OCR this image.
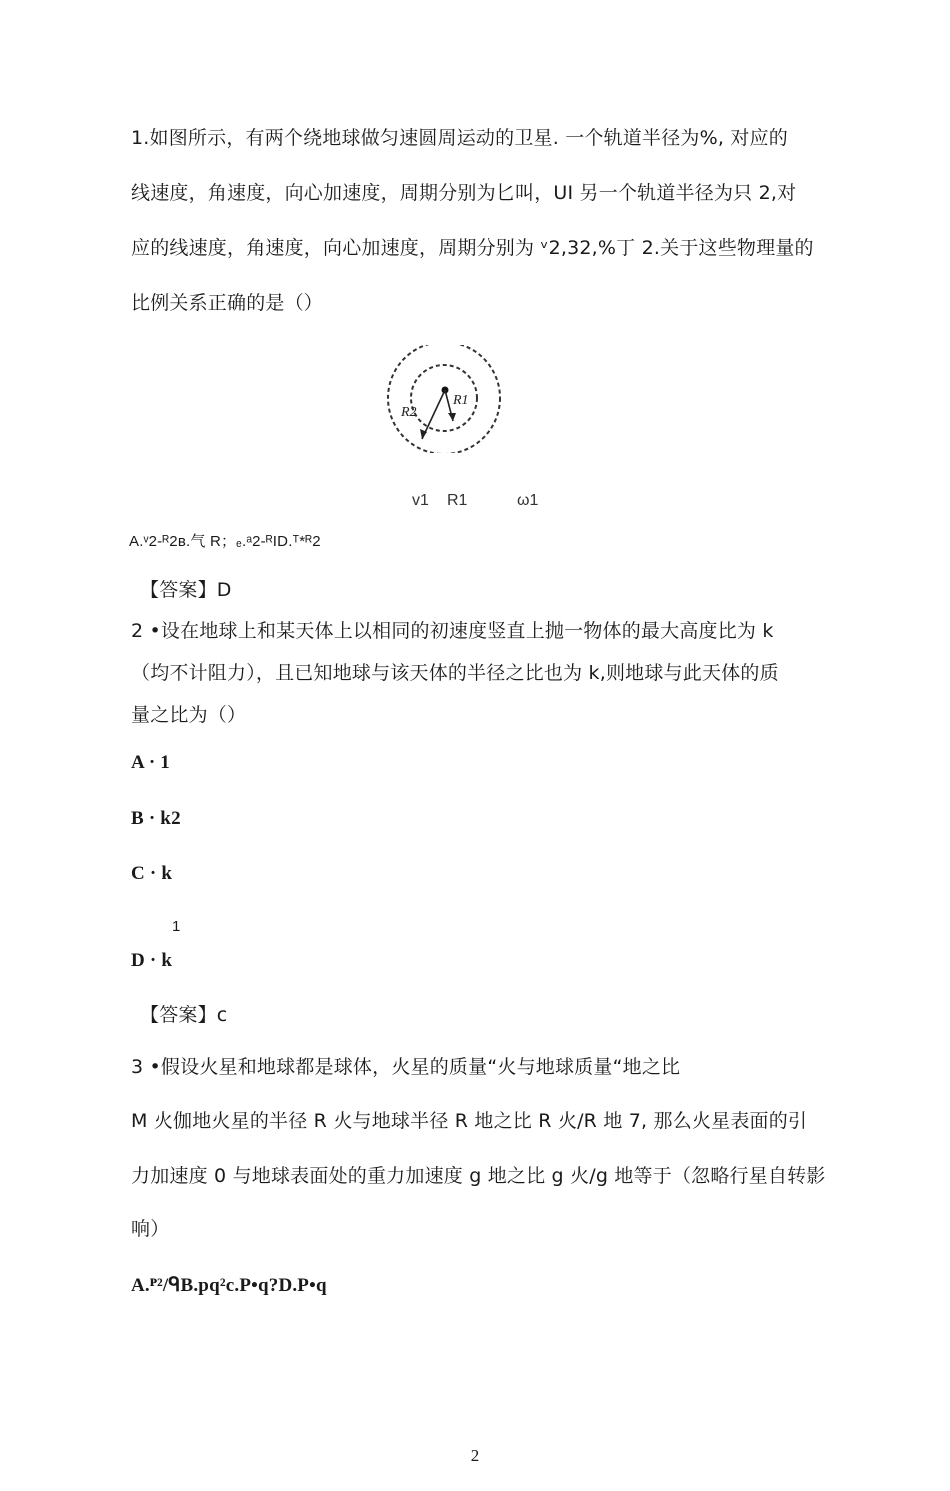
1.如图所示，有两个绕地球做匀速圆周运动的卫星. 一个轨道半径为%, 对应的
线速度，角速度，向心加速度，周期分别为匕叫，UI 另一个轨道半径为只 2,对
应的线速度，角速度，向心加速度，周期分别为 ᵛ2,32,%丁 2.关于这些物理量的
比例关系正确的是（）
R1
R2
v1 R1	ω1
A.ᵛ2-ᴿ2ʙ.气 R；ₑ.ᵃ2-ᴿID.ᵀ*ᴿ2
【答案】D
2 •设在地球上和某天体上以相同的初速度竖直上抛一物体的最大高度比为 k
（均不计阻力），且已知地球与该天体的半径之比也为 k,则地球与此天体的质
量之比为（）
A · 1
B · k2
C · k
1
D · k
【答案】c
3 •假设火星和地球都是球体，火星的质量“火与地球质量“地之比
M 火伽地火星的半径 R 火与地球半径 R 地之比 R 火/R 地 7, 那么火星表面的引
力加速度 0 与地球表面处的重力加速度 g 地之比 g 火/g 地等于（忽略行星自转影
响）
A.ᴾ²/ᑫB.pq²c.P•q?D.P•q
2
